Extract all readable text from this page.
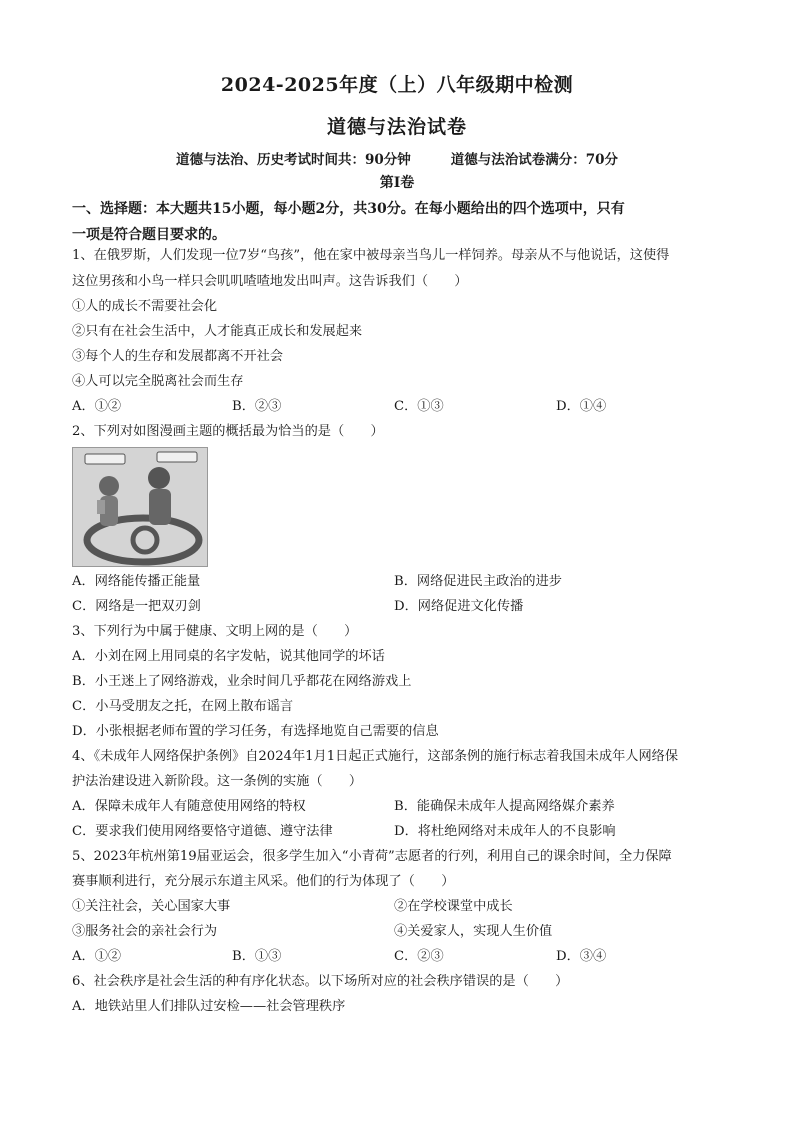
2024-2025年度（上）八年级期中检测
道德与法治试卷
道德与法治、历史考试时间共：90分钟	道德与法治试卷满分：70分
第Ⅰ卷
一、选择题：本大题共15小题，每小题2分，共30分。在每小题给出的四个选项中，只有
一项是符合题目要求的。
1、在俄罗斯，人们发现一位7岁“鸟孩”，他在家中被母亲当鸟儿一样饲养。母亲从不与他说话，这使得
这位男孩和小鸟一样只会叽叽喳喳地发出叫声。这告诉我们（　　）
①人的成长不需要社会化
②只有在社会生活中，人才能真正成长和发展起来
③每个人的生存和发展都离不开社会
④人可以完全脱离社会而生存
A．①②	B．②③	C．①③	D．①④
2、下列对如图漫画主题的概括最为恰当的是（　　）
A．网络能传播正能量	B．网络促进民主政治的进步
C．网络是一把双刃剑	D．网络促进文化传播
3、下列行为中属于健康、文明上网的是（　　）
A．小刘在网上用同桌的名字发帖，说其他同学的坏话
B．小王迷上了网络游戏，业余时间几乎都花在网络游戏上
C．小马受朋友之托，在网上散布谣言
D．小张根据老师布置的学习任务，有选择地览自己需要的信息
4、《未成年人网络保护条例》自2024年1月1日起正式施行，这部条例的施行标志着我国未成年人网络保
护法治建设进入新阶段。这一条例的实施（　　）
A．保障未成年人有随意使用网络的特权	B．能确保未成年人提高网络媒介素养
C．要求我们使用网络要恪守道德、遵守法律	D．将杜绝网络对未成年人的不良影响
5、2023年杭州第19届亚运会，很多学生加入“小青荷”志愿者的行列，利用自己的课余时间，全力保障
赛事顺利进行，充分展示东道主风采。他们的行为体现了（　　）
①关注社会，关心国家大事	②在学校课堂中成长
③服务社会的亲社会行为	④关爱家人，实现人生价值
A．①②	B．①③	C．②③	D．③④
6、社会秩序是社会生活的种有序化状态。以下场所对应的社会秩序错误的是（　　）
A．地铁站里人们排队过安检——社会管理秩序
